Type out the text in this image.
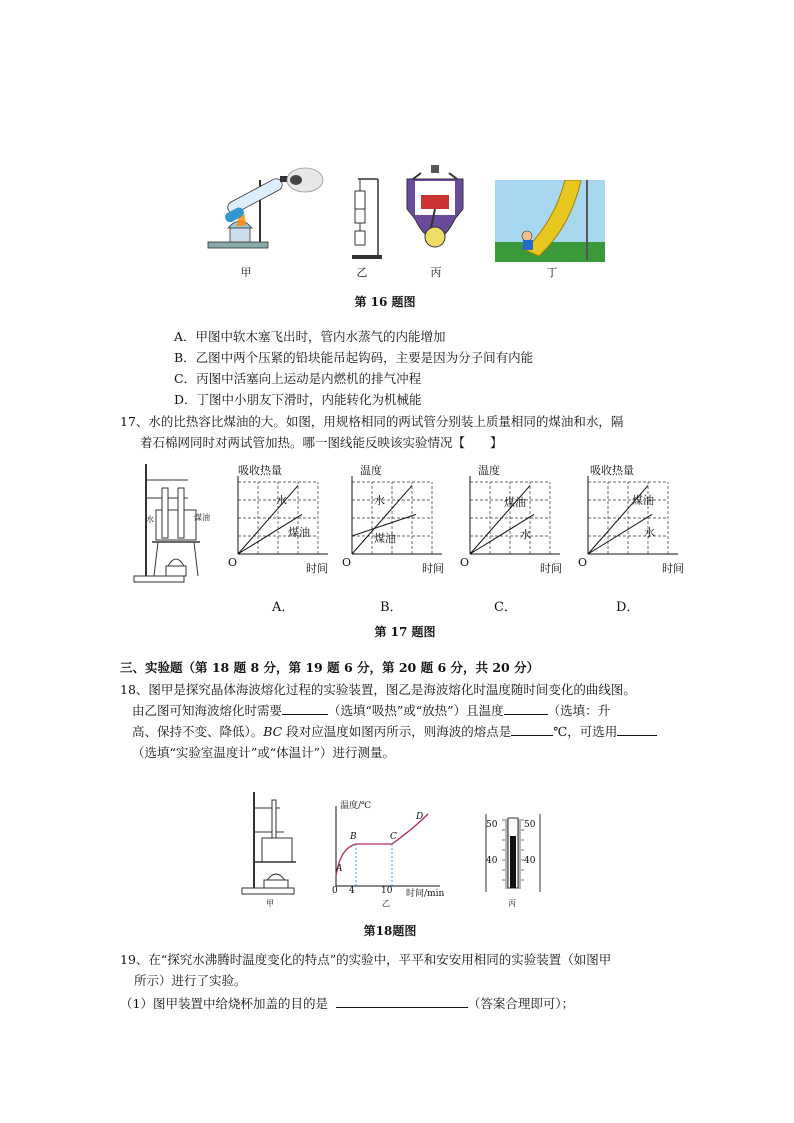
甲	乙	丙	丁
第 16 题图
A．甲图中软木塞飞出时，管内水蒸气的内能增加
B．乙图中两个压紧的铅块能吊起钩码，主要是因为分子间有内能
C．丙图中活塞向上运动是内燃机的排气冲程
D．丁图中小朋友下滑时，内能转化为机械能
17、水的比热容比煤油的大。如图，用规格相同的两试管分别装上质量相同的煤油和水，隔
着石棉网同时对两试管加热。哪一图线能反映该实验情况【　　】
水	煤油
吸收热量
O	时间
水
煤油
温度
O	时间
水
煤油
温度
O	时间
煤油
水
吸收热量
O	时间
煤油
水
A．	B．	C．	D．
第 17 题图
三、实验题（第 18 题 8 分，第 19 题 6 分，第 20 题 6 分，共 20 分）
18、图甲是探究晶体海波熔化过程的实验装置，图乙是海波熔化时温度随时间变化的曲线图。
由乙图可知海波熔化时需要	（选填“吸热”或“放热”）且温度	（选填：升
高、保持不变、降低）。BC 段对应温度如图丙所示，则海波的熔点是	℃，可选用
（选填“实验室温度计”或“体温计”）进行测量。
温度/℃
时间/min
A
B	C
D
0 4	10
50	50
40	40
甲	乙	丙
第18题图
19、在“探究水沸腾时温度变化的特点”的实验中，平平和安安用相同的实验装置（如图甲
所示）进行了实验。
（1）图甲装置中给烧杯加盖的目的是	（答案合理即可）；
